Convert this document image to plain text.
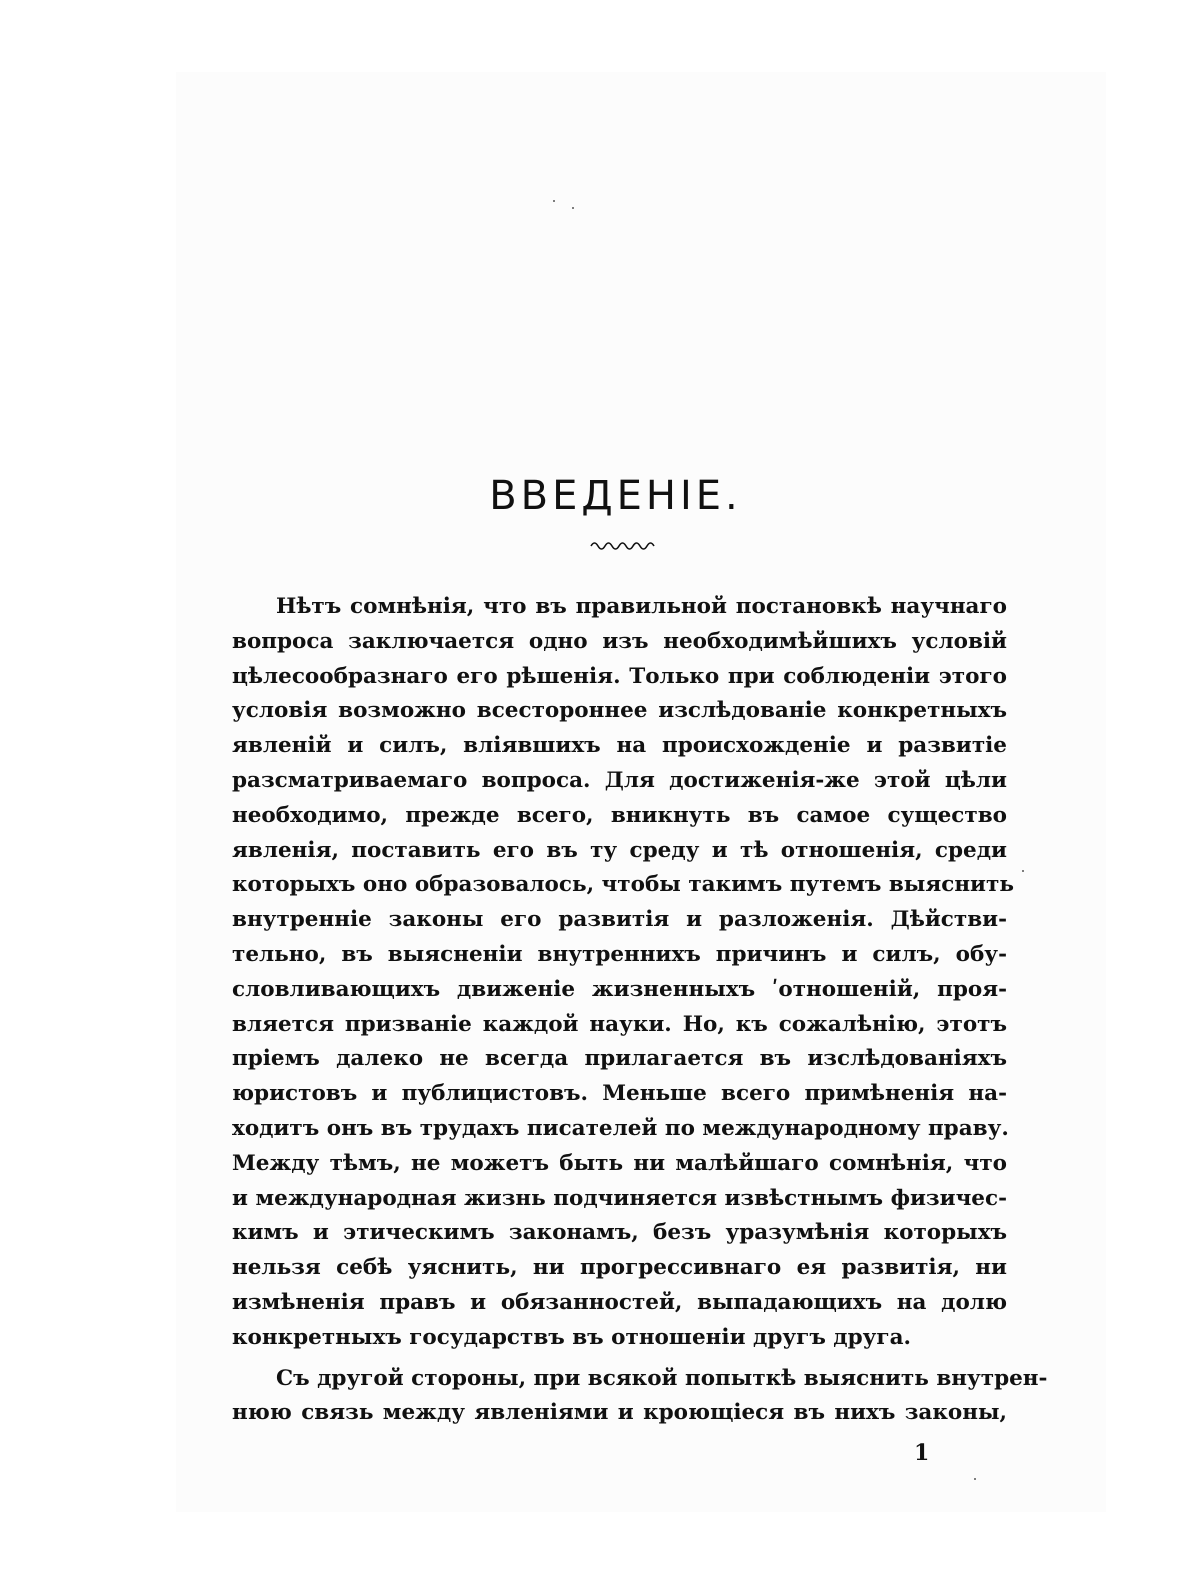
ВВЕДЕНІЕ.
Нѣтъ сомнѣнія, что въ правильной постановкѣ научнаго
вопроса заключается одно изъ необходимѣйшихъ условій
цѣлесообразнаго его рѣшенія. Только при соблюденіи этого
условія возможно всестороннее изслѣдованіе конкретныхъ
явленій и силъ, вліявшихъ на происхожденіе и развитіе
разсматриваемаго вопроса. Для достиженія-же этой цѣли
необходимо, прежде всего, вникнуть въ самое существо
явленія, поставить его въ ту среду и тѣ отношенія, среди
которыхъ оно образовалось, чтобы такимъ путемъ выяснить
внутренніе законы его развитія и разложенія. Дѣйстви-
тельно, въ выясненіи внутреннихъ причинъ и силъ, обу-
словливающихъ движеніе жизненныхъ ʹотношеній, проя-
вляется призваніе каждой науки. Но, къ сожалѣнію, этотъ
пріемъ далеко не всегда прилагается въ изслѣдованіяхъ
юристовъ и публицистовъ. Меньше всего примѣненія на-
ходитъ онъ въ трудахъ писателей по международному праву.
Между тѣмъ, не можетъ быть ни малѣйшаго сомнѣнія, что
и международная жизнь подчиняется извѣстнымъ физичес-
кимъ и этическимъ законамъ, безъ уразумѣнія которыхъ
нельзя себѣ уяснить, ни прогрессивнаго ея развитія, ни
измѣненія правъ и обязанностей, выпадающихъ на долю
конкретныхъ государствъ въ отношеніи другъ друга.
Съ другой стороны, при всякой попыткѣ выяснить внутрен-
нюю связь между явленіями и кроющіеся въ нихъ законы,
1
